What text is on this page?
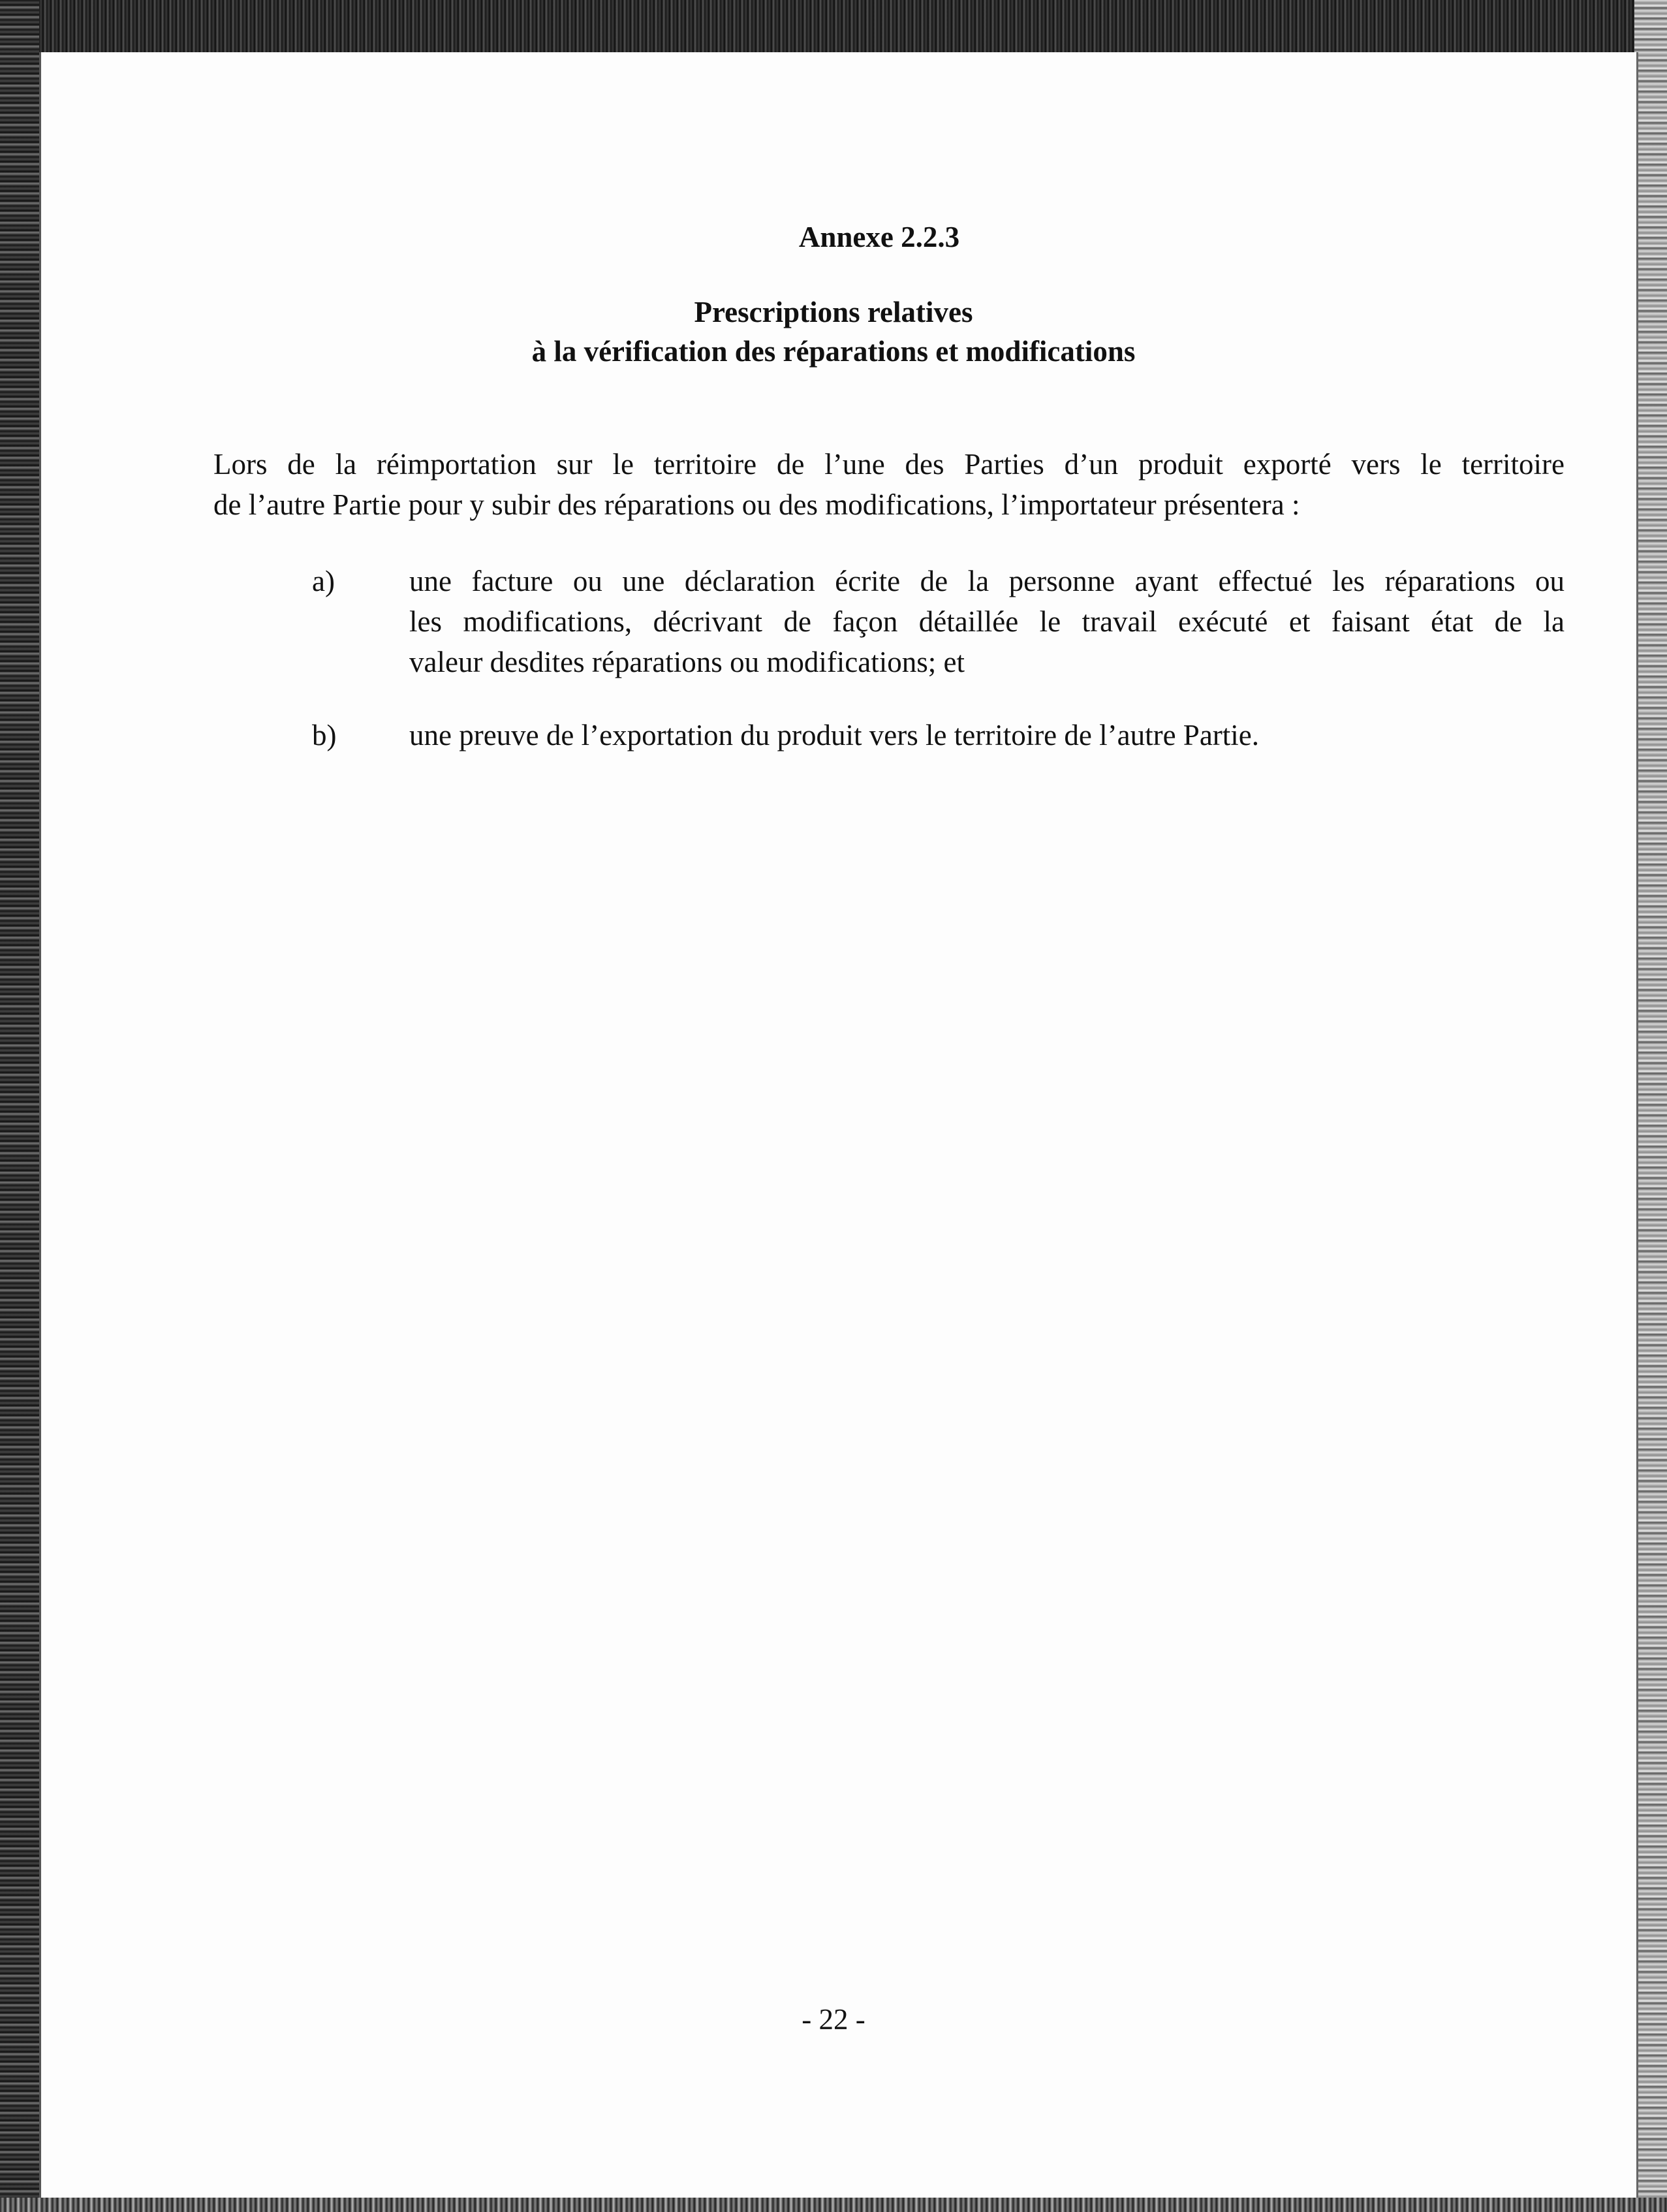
Annexe 2.2.3
Prescriptions relatives
à la vérification des réparations et modifications
Lors de la réimportation sur le territoire de l’une des Parties d’un produit exporté vers le territoire
de l’autre Partie pour y subir des réparations ou des modifications, l’importateur présentera :
a)	une facture ou une déclaration écrite de la personne ayant effectué les réparations ou
les modifications, décrivant de façon détaillée le travail exécuté et faisant état de la
valeur desdites réparations ou modifications; et
b) une preuve de l’exportation du produit vers le territoire de l’autre Partie.
- 22 -
